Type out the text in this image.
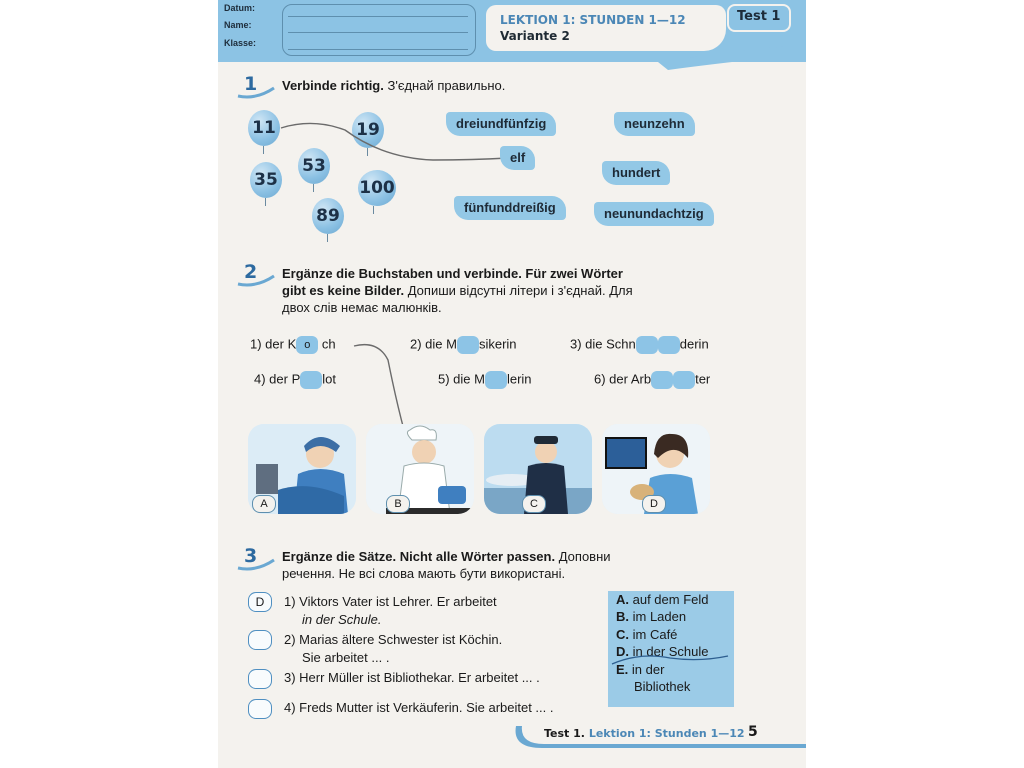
Datum:
Name:
Klasse:
LEKTION 1: STUNDEN 1—12
Variante 2
Test 1
1 Verbinde richtig. З'єднай правильно.
11	19
53
35	100
89
dreiundfünfzig	neunzehn
elf
hundert
fünfunddreißig	neunundachtzig
2 Ergänze die Buchstaben und verbinde. Für zwei Wörter
gibt es keine Bilder. Допиши відсутні літери і з'єднай. Для
двох слів немає малюнків.
1) der K o ch	2) die M sikerin	3) die Schn	derin
4) der P lot	5) die M lerin	6) der Arb	ter
A	B	C	D
3 Ergänze die Sätze. Nicht alle Wörter passen. Доповни
речення. Не всі слова мають бути використані.
D	1) Viktors Vater ist Lehrer. Er arbeitet
in der Schule.
2) Marias ältere Schwester ist Köchin.
Sie arbeitet ... .
3) Herr Müller ist Bibliothekar. Er arbeitet ... .
4) Freds Mutter ist Verkäuferin. Sie arbeitet ... .
A. auf dem Feld
B. im Laden
C. im Café
D. in der Schule
E. in der
Bibliothek
Test 1. Lektion 1: Stunden 1—12 5
